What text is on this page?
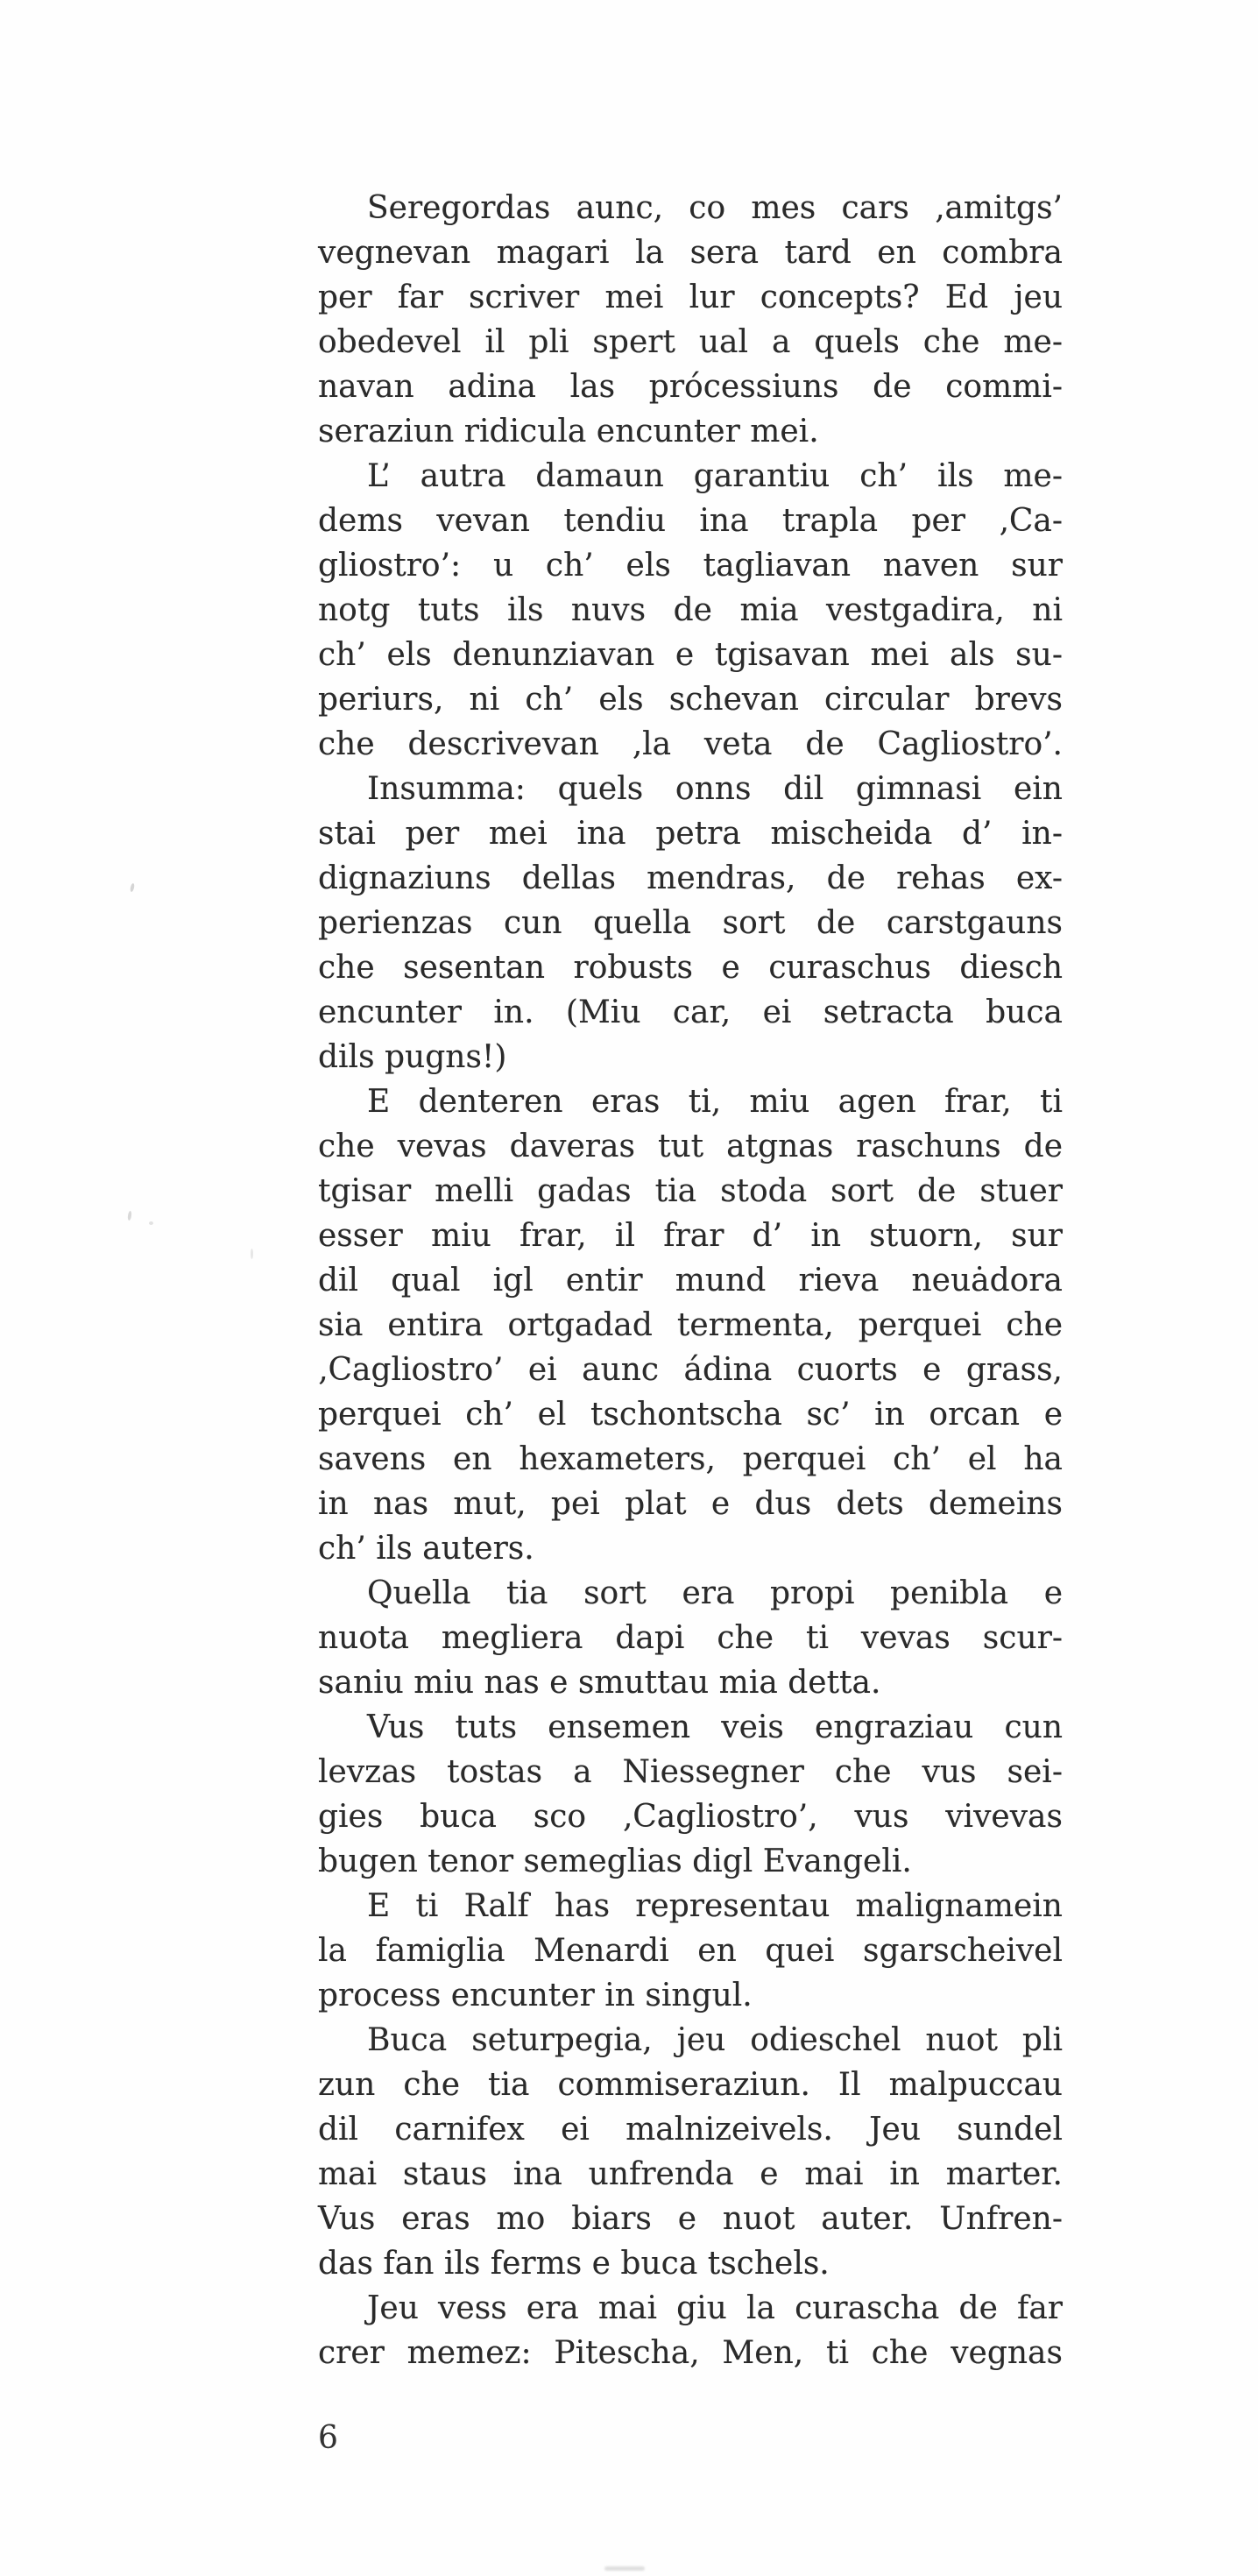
Seregordas aunc, co mes cars ‚amitgs’
vegnevan magari la sera tard en combra
per far scriver mei lur concepts? Ed jeu
obedevel il pli spert ual a quels che me-
navan adina las prócessiuns de commi-
seraziun ridicula encunter mei.
L’ autra damaun garantiu ch’ ils me-
dems vevan tendiu ina trapla per ‚Ca-
gliostro’: u ch’ els tagliavan naven sur
notg tuts ils nuvs de mia vestgadira, ni
ch’ els denunziavan e tgisavan mei als su-
periurs, ni ch’ els schevan circular brevs
che descrivevan ‚la veta de Cagliostro’.
Insumma: quels onns dil gimnasi ein
stai per mei ina petra mischeida d’ in-
dignaziuns dellas mendras, de rehas ex-
perienzas cun quella sort de carstgauns
che sesentan robusts e curaschus diesch
encunter in. (Miu car, ei setracta buca
dils pugns!)
E denteren eras ti, miu agen frar, ti
che vevas daveras tut atgnas raschuns de
tgisar melli gadas tia stoda sort de stuer
esser miu frar, il frar d’ in stuorn, sur
dil qual igl entir mund rieva neuȧdora
sia entira ortgadad termenta, perquei che
‚Cagliostro’ ei aunc ádina cuorts e grass,
perquei ch’ el tschontscha sc’ in orcan e
savens en hexameters, perquei ch’ el ha
in nas mut, pei plat e dus dets demeins
ch’ ils auters.
Quella tia sort era propi penibla e
nuota megliera dapi che ti vevas scur-
saniu miu nas e smuttau mia detta.
Vus tuts ensemen veis engraziau cun
levzas tostas a Niessegner che vus sei-
gies buca sco ‚Cagliostro’, vus vivevas
bugen tenor semeglias digl Evangeli.
E ti Ralf has representau malignamein
la famiglia Menardi en quei sgarscheivel
process encunter in singul.
Buca seturpegia, jeu odieschel nuot pli
zun che tia commiseraziun. Il malpuccau
dil carnifex ei malnizeivels. Jeu sundel
mai staus ina unfrenda e mai in marter.
Vus eras mo biars e nuot auter. Unfren-
das fan ils ferms e buca tschels.
Jeu vess era mai giu la curascha de far
crer memez: Pitescha, Men, ti che vegnas
6
